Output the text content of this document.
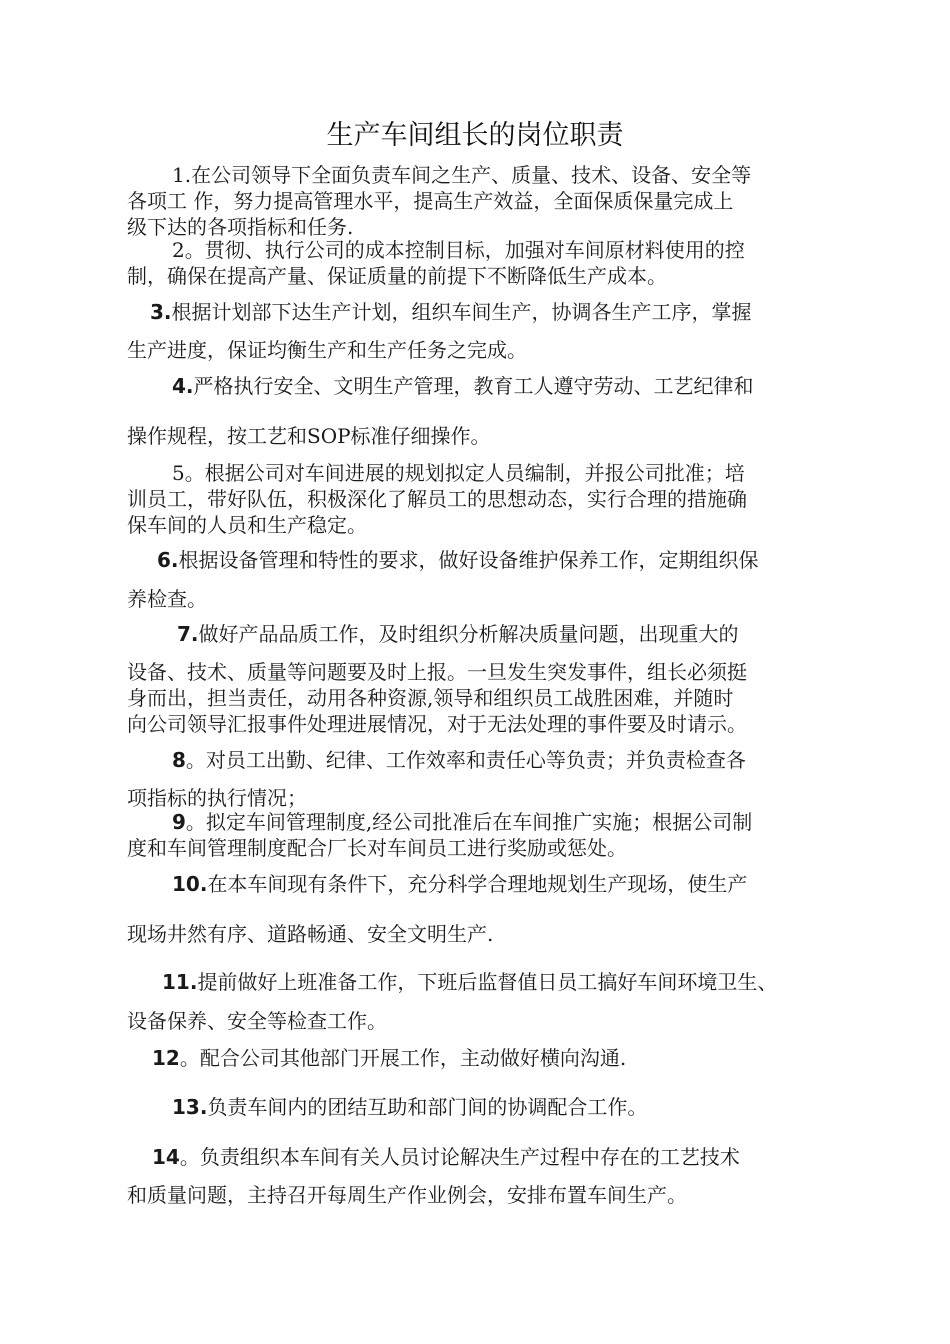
生产车间组长的岗位职责
1.在公司领导下全面负责车间之生产、质量、技术、设备、安全等
各项工 作，努力提高管理水平，提高生产效益，全面保质保量完成上
级下达的各项指标和任务.
2。贯彻、执行公司的成本控制目标，加强对车间原材料使用的控
制，确保在提高产量、保证质量的前提下不断降低生产成本。
3.根据计划部下达生产计划，组织车间生产，协调各生产工序，掌握
生产进度，保证均衡生产和生产任务之完成。
4.严格执行安全、文明生产管理，教育工人遵守劳动、工艺纪律和
操作规程，按工艺和SOP标准仔细操作。
5。根据公司对车间进展的规划拟定人员编制，并报公司批准；培
训员工，带好队伍，积极深化了解员工的思想动态，实行合理的措施确
保车间的人员和生产稳定。
6.根据设备管理和特性的要求，做好设备维护保养工作，定期组织保
养检查。
7.做好产品品质工作，及时组织分析解决质量问题，出现重大的
设备、技术、质量等问题要及时上报。一旦发生突发事件，组长必须挺
身而出，担当责任，动用各种资源,领导和组织员工战胜困难，并随时
向公司领导汇报事件处理进展情况，对于无法处理的事件要及时请示。
8。对员工出勤、纪律、工作效率和责任心等负责；并负责检查各
项指标的执行情况；
9。拟定车间管理制度,经公司批准后在车间推广实施；根据公司制
度和车间管理制度配合厂长对车间员工进行奖励或惩处。
10.在本车间现有条件下，充分科学合理地规划生产现场，使生产
现场井然有序、道路畅通、安全文明生产.
11.提前做好上班准备工作，下班后监督值日员工搞好车间环境卫生、
设备保养、安全等检查工作。
12。配合公司其他部门开展工作，主动做好横向沟通.
13.负责车间内的团结互助和部门间的协调配合工作。
14。负责组织本车间有关人员讨论解决生产过程中存在的工艺技术
和质量问题，主持召开每周生产作业例会，安排布置车间生产。
